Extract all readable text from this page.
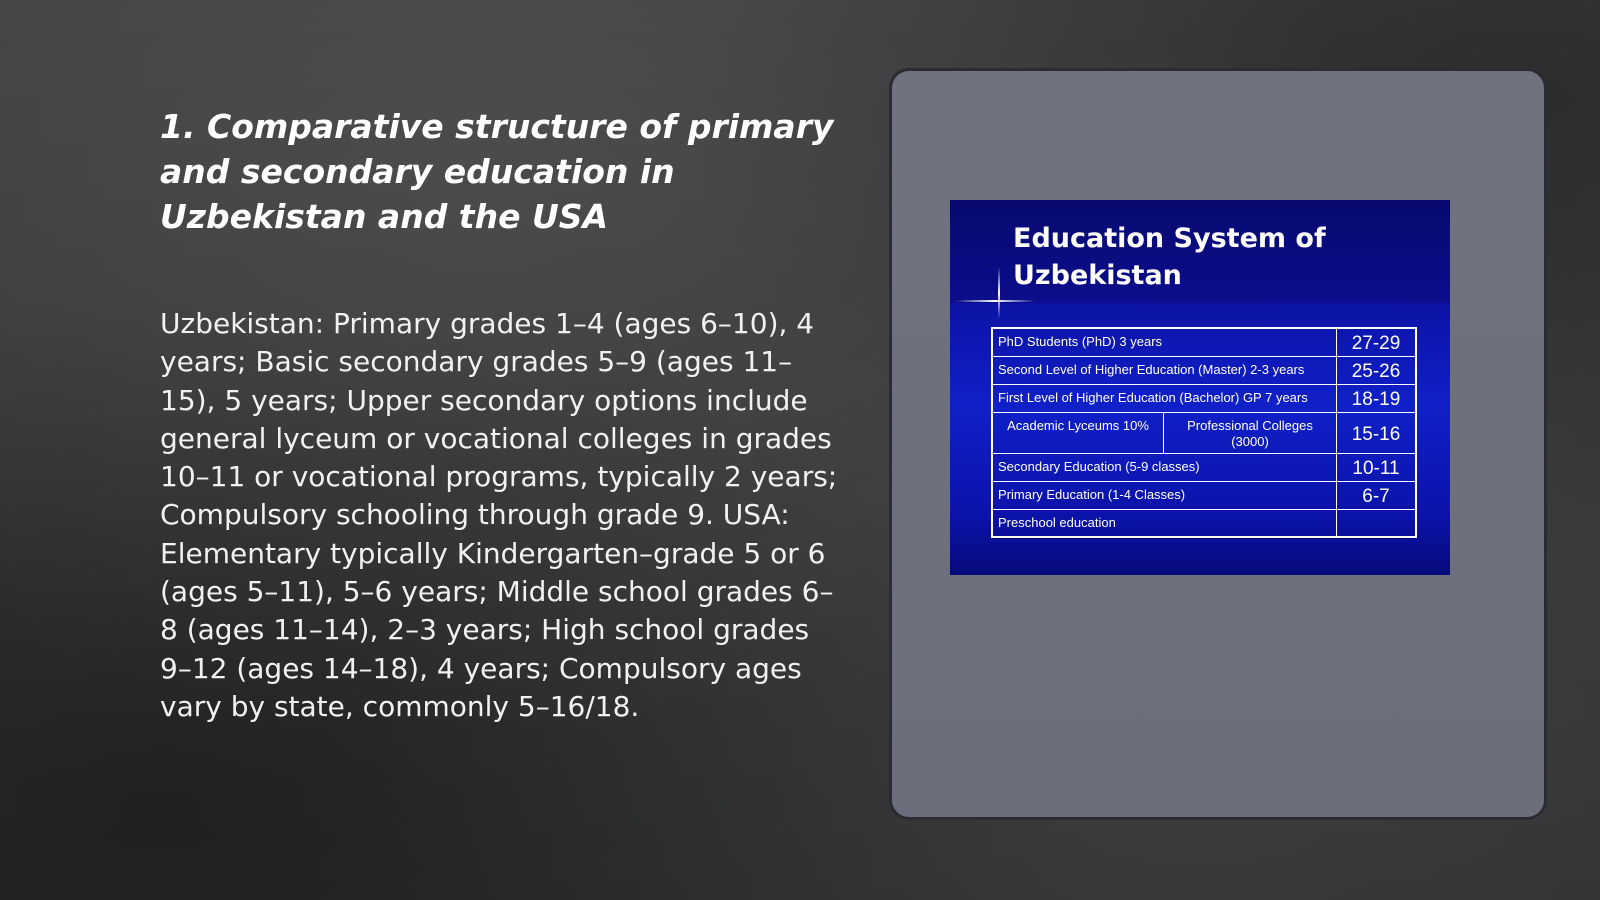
1. Comparative structure of primary and secondary education in Uzbekistan and the USA

Uzbekistan: Primary grades 1–4 (ages 6–10), 4 years; Basic secondary grades 5–9 (ages 11–15), 5 years; Upper secondary options include general lyceum or vocational colleges in grades 10–11 or vocational programs, typically 2 years; Compulsory schooling through grade 9. USA: Elementary typically Kindergarten–grade 5 or 6 (ages 5–11), 5–6 years; Middle school grades 6–8 (ages 11–14), 2–3 years; High school grades 9–12 (ages 14–18), 4 years; Compulsory ages vary by state, commonly 5–16/18.

Education System of Uzbekistan
PhD Students (PhD) 3 years		27-29
Second Level of Higher Education (Master) 2-3 years		25-26
First Level of Higher Education (Bachelor) GP 7 years		18-19
Academic Lyceums 10%	Professional Colleges (3000)	15-16
Secondary Education (5-9 classes)		10-11
Primary Education (1-4 Classes)		6-7
Preschool education		
